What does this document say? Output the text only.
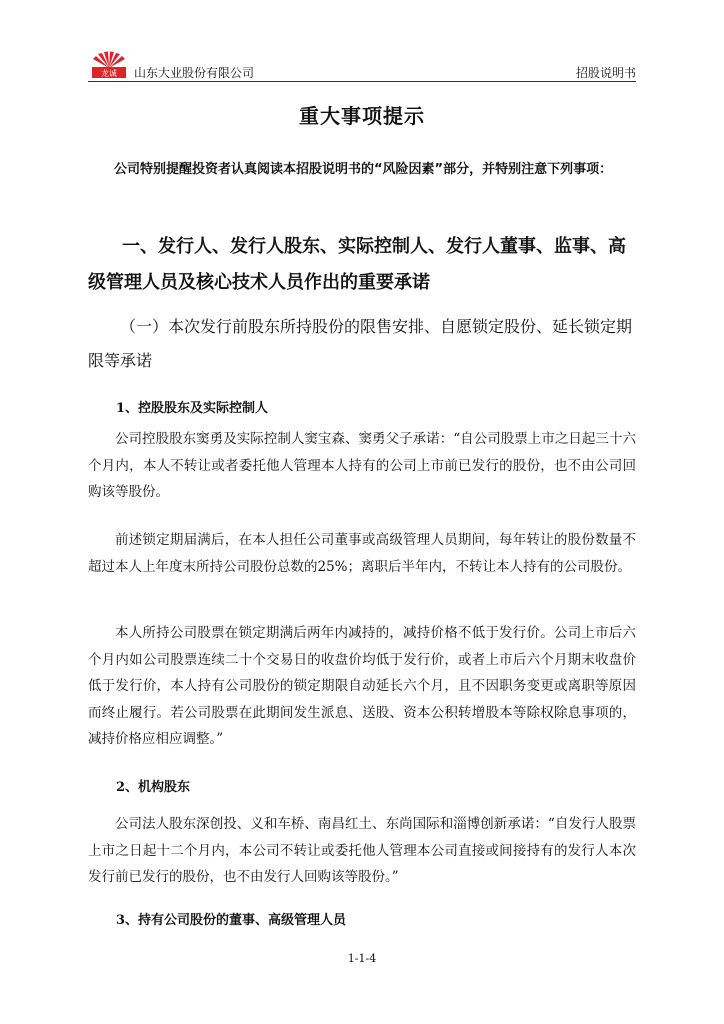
龙诚 山东大业股份有限公司	招股说明书
重大事项提示
公司特别提醒投资者认真阅读本招股说明书的“风险因素”部分，并特别注意下列事项：
一、发行人、发行人股东、实际控制人、发行人董事、监事、高级管理人员及核心技术人员作出的重要承诺
（一）本次发行前股东所持股份的限售安排、自愿锁定股份、延长锁定期限等承诺
1、控股股东及实际控制人
公司控股股东窦勇及实际控制人窦宝森、窦勇父子承诺：“自公司股票上市之日起三十六个月内，本人不转让或者委托他人管理本人持有的公司上市前已发行的股份，也不由公司回购该等股份。
前述锁定期届满后，在本人担任公司董事或高级管理人员期间，每年转让的股份数量不超过本人上年度末所持公司股份总数的25%；离职后半年内，不转让本人持有的公司股份。
本人所持公司股票在锁定期满后两年内减持的，减持价格不低于发行价。公司上市后六个月内如公司股票连续二十个交易日的收盘价均低于发行价，或者上市后六个月期末收盘价低于发行价，本人持有公司股份的锁定期限自动延长六个月，且不因职务变更或离职等原因而终止履行。若公司股票在此期间发生派息、送股、资本公积转增股本等除权除息事项的，减持价格应相应调整。”
2、机构股东
公司法人股东深创投、义和车桥、南昌红土、东尚国际和淄博创新承诺：“自发行人股票上市之日起十二个月内，本公司不转让或委托他人管理本公司直接或间接持有的发行人本次发行前已发行的股份，也不由发行人回购该等股份。”
3、持有公司股份的董事、高级管理人员
1-1-4
